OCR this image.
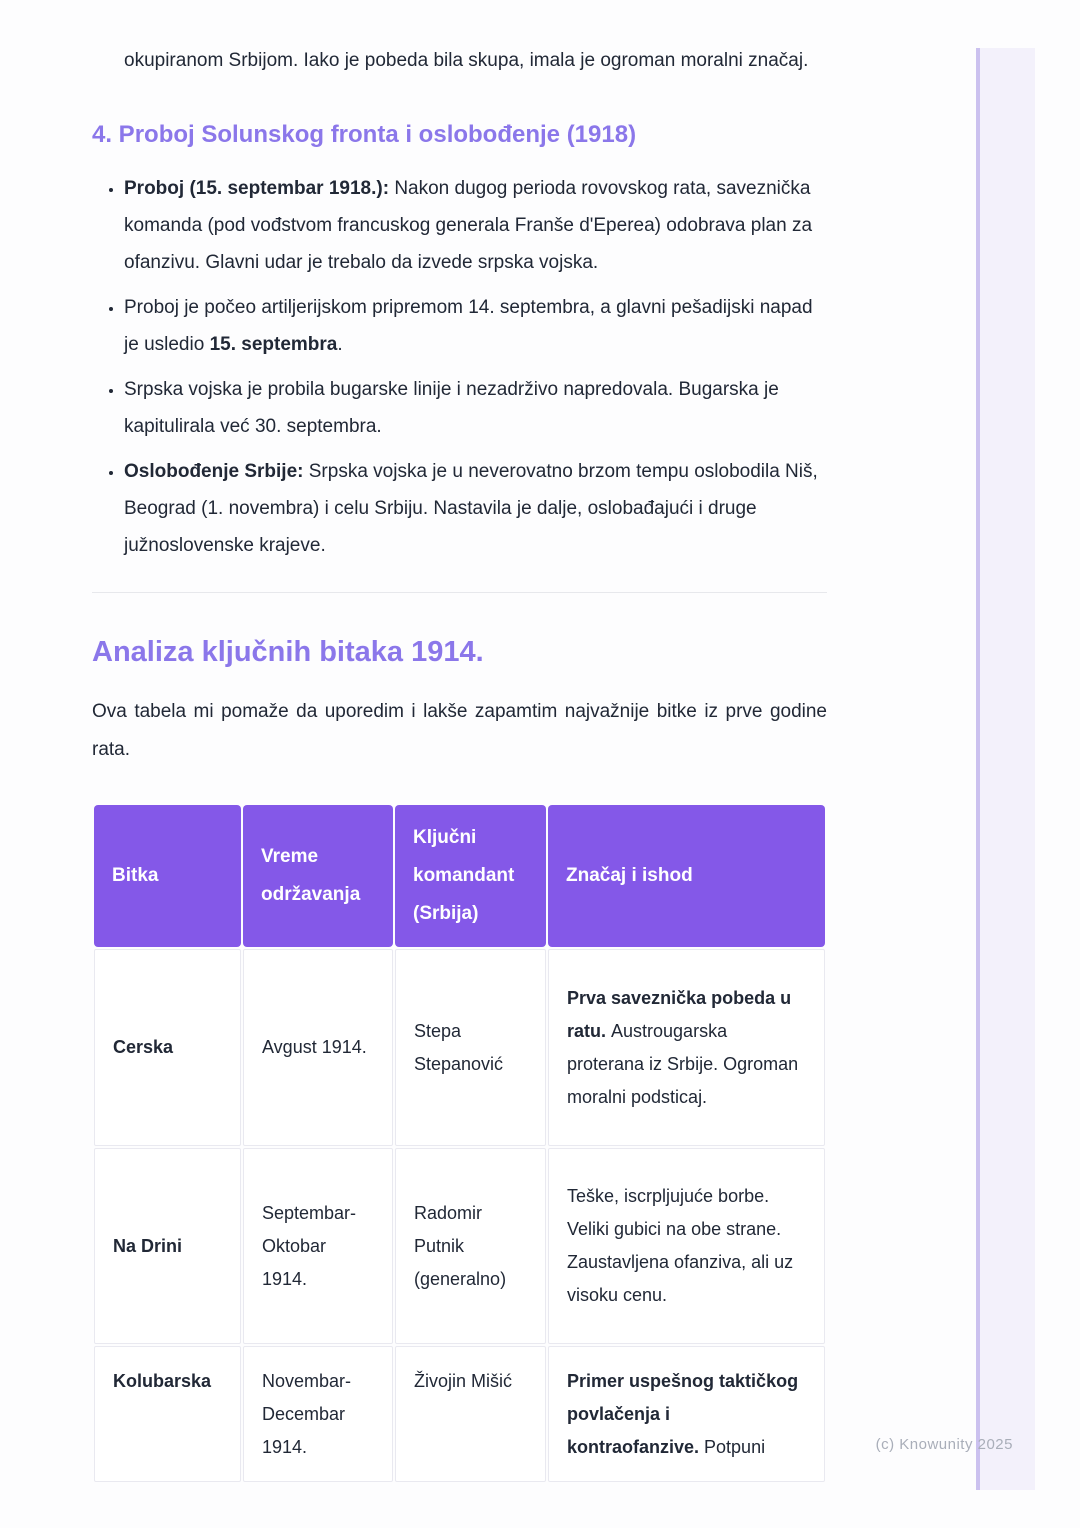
okupiranom Srbijom. Iako je pobeda bila skupa, imala je ogroman moralni značaj.

4. Proboj Solunskog fronta i oslobođenje (1918)
• Proboj (15. septembar 1918.): Nakon dugog perioda rovovskog rata, saveznička komanda (pod vođstvom francuskog generala Franše d'Eperea) odobrava plan za ofanzivu. Glavni udar je trebalo da izvede srpska vojska.
• Proboj je počeo artiljerijskom pripremom 14. septembra, a glavni pešadijski napad je usledio 15. septembra.
• Srpska vojska je probila bugarske linije i nezadrživo napredovala. Bugarska je kapitulirala već 30. septembra.
• Oslobođenje Srbije: Srpska vojska je u neverovatno brzom tempu oslobodila Niš, Beograd (1. novembra) i celu Srbiju. Nastavila je dalje, oslobađajući i druge južnoslovenske krajeve.
Analiza ključnih bitaka 1914.

Ova tabela mi pomaže da uporedim i lakše zapamtim najvažnije bitke iz prve godine rata.

Bitka	Vreme održavanja	Ključni komandant (Srbija)	Značaj i ishod
Cerska	Avgust 1914.	Stepa Stepanović	Prva saveznička pobeda u ratu. Austrougarska proterana iz Srbije. Ogroman moralni podsticaj.
Na Drini	Septembar-Oktobar 1914.	Radomir Putnik (generalno)	Teške, iscrpljujuće borbe. Veliki gubici na obe strane. Zaustavljena ofanziva, ali uz visoku cenu.
Kolubarska	Novembar-Decembar 1914.	Živojin Mišić	Primer uspešnog taktičkog povlačenja i kontraofanzive. Potpuni	(c) Knowunity 2025
